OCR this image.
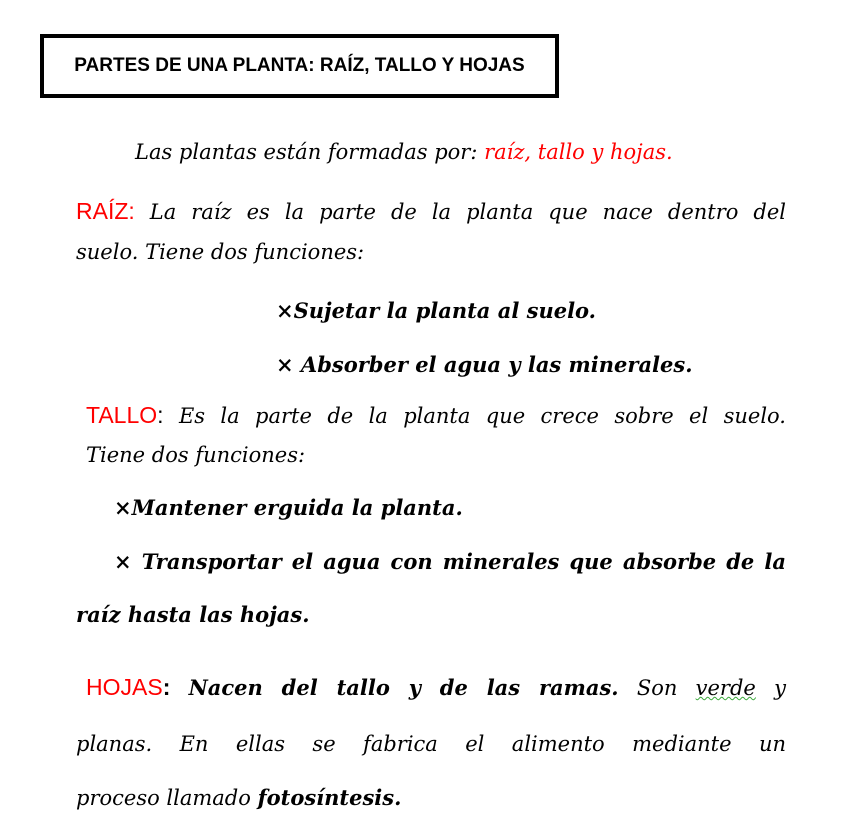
PARTES DE UNA PLANTA: RAÍZ, TALLO Y HOJAS
Las plantas están formadas por: raíz, tallo y hojas.
RAÍZ: La raíz es la parte de la planta que nace dentro del
suelo. Tiene dos funciones:
×Sujetar la planta al suelo.
× Absorber el agua y las minerales.
TALLO: Es la parte de la planta que crece sobre el suelo.
Tiene dos funciones:
×Mantener erguida la planta.
× Transportar el agua con minerales que absorbe de la
raíz hasta las hojas.
HOJAS: Nacen del tallo y de las ramas. Son verde y
planas. En ellas se fabrica el alimento mediante un
proceso llamado fotosíntesis.
